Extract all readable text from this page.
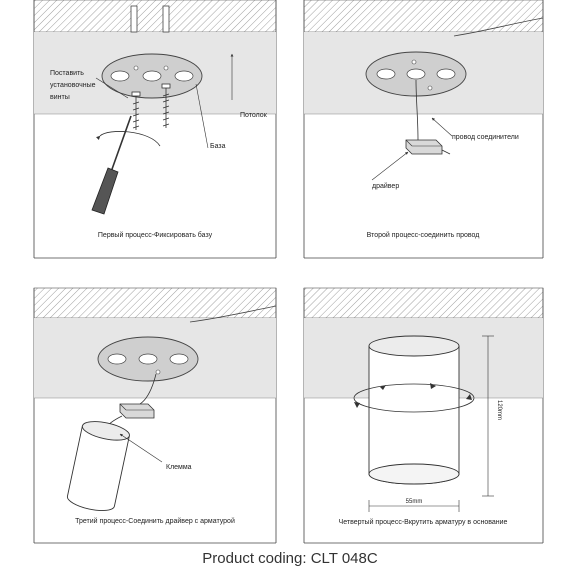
Поставить
установочные
винты
Потолок
База
Первый процесс-Фиксировать базу
провод соединители
драйвер
Второй процесс-соединить провод
Клемма
Третий процесс-Соединить драйвер с арматурой
120mm
55mm
Четвертый процесс-Вкрутить арматуру в основание
Product coding: CLT 048C
